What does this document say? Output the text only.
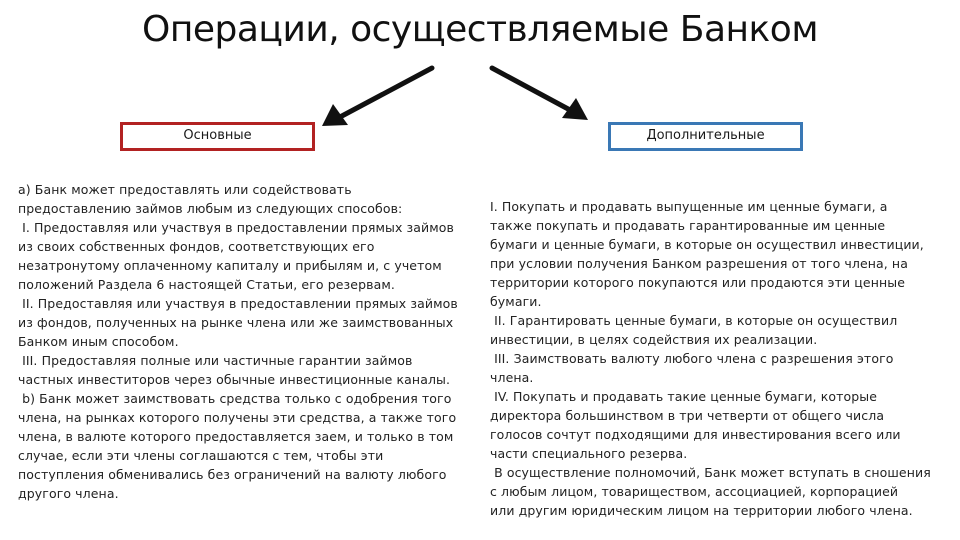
Операции, осуществляемые Банком
Основные	Дополнительные

а) Банк может предоставлять или содействовать

предоставлению займов любым из следующих способов:

I. Предоставляя или участвуя в предоставлении прямых займов

из своих собственных фондов, соответствующих его

незатронутому оплаченному капиталу и прибылям и, с учетом

положений Раздела 6 настоящей Статьи, его резервам.

II. Предоставляя или участвуя в предоставлении прямых займов

из фондов, полученных на рынке члена или же заимствованных

Банком иным способом.

III. Предоставляя полные или частичные гарантии займов

частных инвеститоров через обычные инвестиционные каналы.

b) Банк может заимствовать средства только с одобрения того

члена, на рынках которого получены эти средства, а также того

члена, в валюте которого предоставляется заем, и только в том

случае, если эти члены соглашаются с тем, чтобы эти

поступления обменивались без ограничений на валюту любого

другого члена.

I. Покупать и продавать выпущенные им ценные бумаги, а

также покупать и продавать гарантированные им ценные

бумаги и ценные бумаги, в которые он осуществил инвестиции,

при условии получения Банком разрешения от того члена, на

территории которого покупаются или продаются эти ценные

бумаги.

II. Гарантировать ценные бумаги, в которые он осуществил

инвестиции, в целях содействия их реализации.

III. Заимствовать валюту любого члена с разрешения этого

члена.

IV. Покупать и продавать такие ценные бумаги, которые

директора большинством в три четверти от общего числа

голосов сочтут подходящими для инвестирования всего или

части специального резерва.

В осуществление полномочий, Банк может вступать в сношения

с любым лицом, товариществом, ассоциацией, корпорацией

или другим юридическим лицом на территории любого члена.
